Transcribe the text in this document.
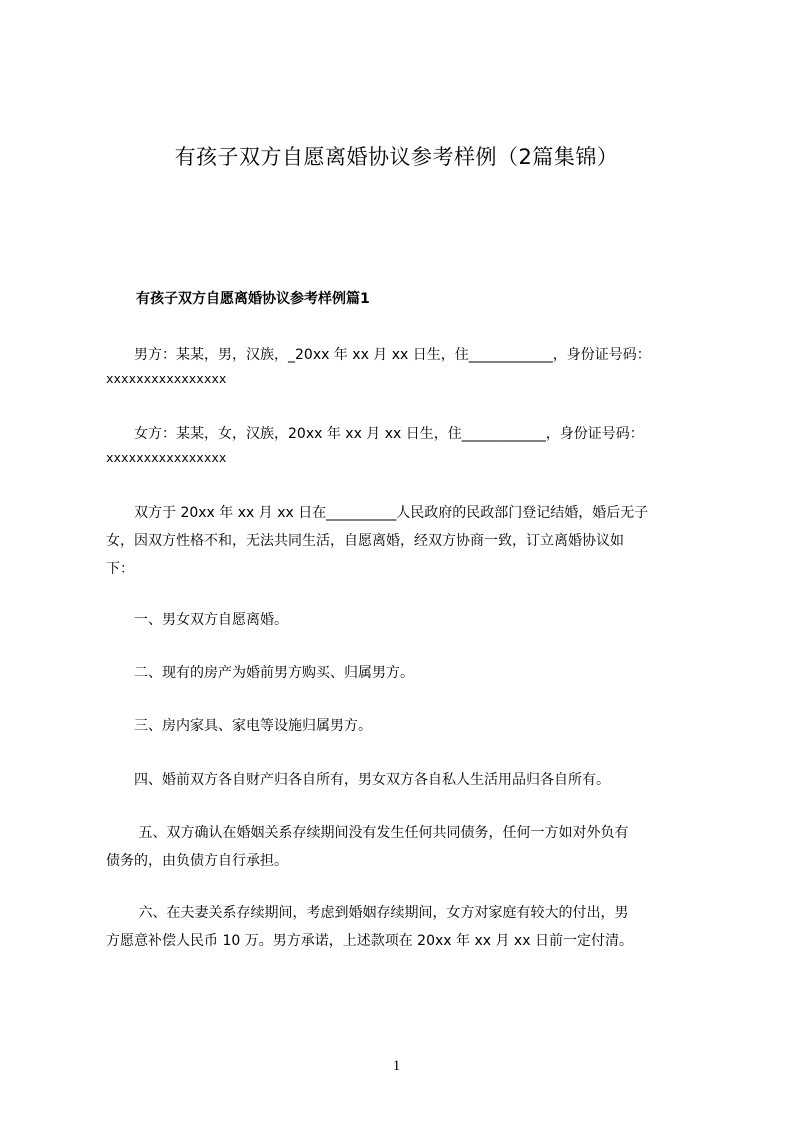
有孩子双方自愿离婚协议参考样例（2篇集锦）
有孩子双方自愿离婚协议参考样例篇1
　　男方：某某，男，汉族，_20xx 年 xx 月 xx 日生，住____________，身份证号码：
xxxxxxxxxxxxxxxx
　　女方：某某，女，汉族，20xx 年 xx 月 xx 日生，住____________，身份证号码：
xxxxxxxxxxxxxxxx
　　双方于 20xx 年 xx 月 xx 日在__________人民政府的民政部门登记结婚，婚后无子
女，因双方性格不和，无法共同生活，自愿离婚，经双方协商一致，订立离婚协议如
下：
　　一、男女双方自愿离婚。
　　二、现有的房产为婚前男方购买、归属男方。
　　三、房内家具、家电等设施归属男方。
　　四、婚前双方各自财产归各自所有，男女双方各自私人生活用品归各自所有。
　　 五、双方确认在婚姻关系存续期间没有发生任何共同债务，任何一方如对外负有
债务的，由负债方自行承担。
　　 六、在夫妻关系存续期间，考虑到婚姻存续期间，女方对家庭有较大的付出，男
方愿意补偿人民币 10 万。男方承诺，上述款项在 20xx 年 xx 月 xx 日前一定付清。
1
